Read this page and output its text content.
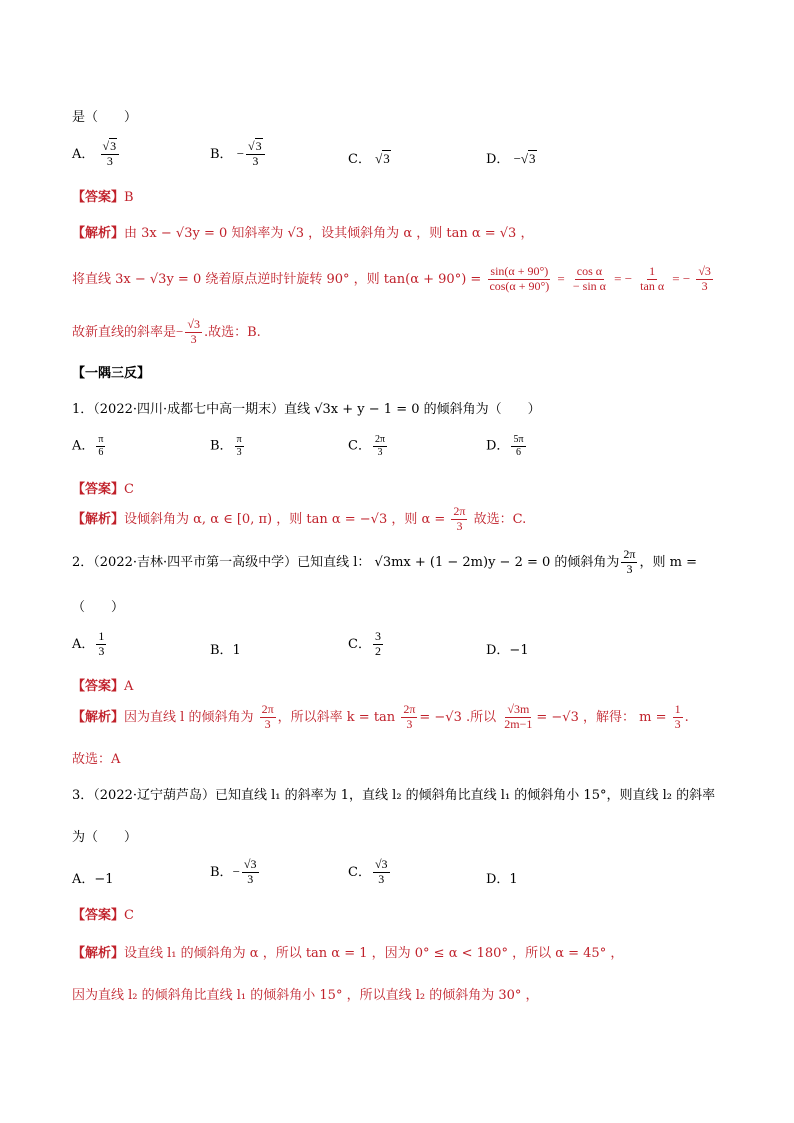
是（　　）
A． $\frac{√3}{3}$	B． − $\frac{√3}{3}$	C． √3	D． −√3
【答案】B
【解析】由 3x − √3y = 0 知斜率为 √3 ，设其倾斜角为 α ，则 tan α = √3 ，
将直线 3x − √3y = 0 绕着原点逆时针旋转 90° ，则 $\tan(\alpha + 90^\circ) = \frac{\sin(\alpha + 90^\circ)}{\cos(\alpha + 90^\circ)} = \frac{\text{cos α}}{\text{− sin α}}$ = − $\frac{1}{\text{tan α}}$ = − $\frac{√3}{3}$
故新直线的斜率是− $\frac{√3}{3}$ .故选：B.
【一隅三反】
1．（2022·四川·成都七中高一期末）直线 √3x + y − 1 = 0 的倾斜角为（　　）
A． $\frac{\pi}{6}$	B． $\frac{\pi}{3}$	C． $\frac{2\pi}{3}$	D． $\frac{5\pi}{6}$
【答案】C
【解析】设倾斜角为 α, α ∈ [0, π) ，则 tan α = −√3 ，则 $\alpha = \frac{2\pi}{3}$ 故选：C.
2．（2022·吉林·四平市第一高级中学）已知直线 l： √3mx + (1 − 2m)y − 2 = 0 的倾斜角为 $\frac{2\pi}{3}$ ，则 m =
（　　）
A． $\frac{1}{3}$	B．1	C． $\frac{3}{2}$	D．−1
【答案】A
【解析】因为直线 l 的倾斜角为 $\frac{2\pi}{3}$ ，所以斜率 $k = \tan \frac{2\pi}{3} = -√3$ .所以 $\frac{√3m}{2m-1} = -√3$ ，解得： $m = \frac{1}{3}$ .
故选：A
3．（2022·辽宁葫芦岛）已知直线 l₁ 的斜率为 1，直线 l₂ 的倾斜角比直线 l₁ 的倾斜角小 15°，则直线 l₂ 的斜率
为（　　）
A．−1	B．− $\frac{√3}{3}$	C． $\frac{√3}{3}$	D．1
【答案】C
【解析】设直线 l₁ 的倾斜角为 α ，所以 tan α = 1 ，因为 0° ≤ α < 180° ，所以 α = 45° ，
因为直线 l₂ 的倾斜角比直线 l₁ 的倾斜角小 15° ，所以直线 l₂ 的倾斜角为 30° ，
